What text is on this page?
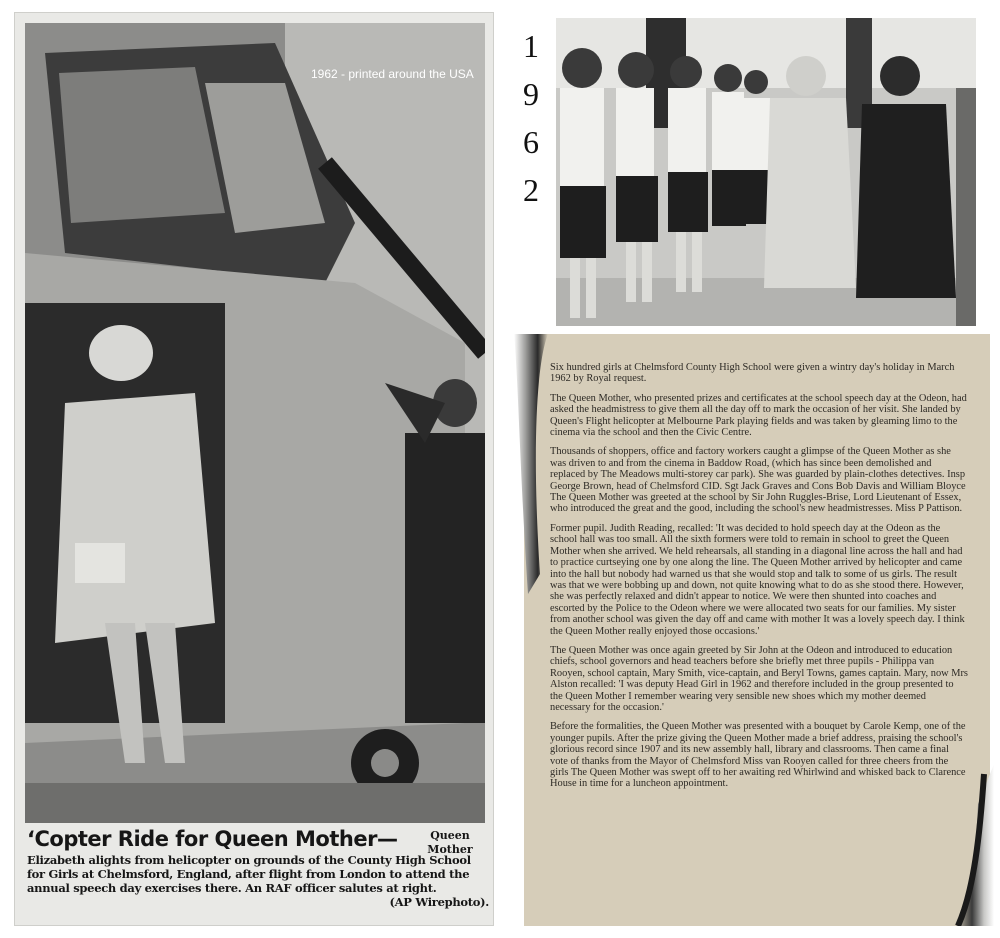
1962 - printed around the USA
‘Copter Ride for Queen Mother—	Queen Mother
Elizabeth alights from helicopter on grounds of the County High School for Girls at Chelmsford, England, after flight from London to attend the annual speech day exercises there. An RAF officer salutes at right.
(AP Wirephoto).
1
9
6
2

Six hundred girls at Chelmsford County High School were given a wintry day's holiday in March 1962 by Royal request.

The Queen Mother, who presented prizes and certificates at the school speech day at the Odeon, had asked the headmistress to give them all the day off to mark the occasion of her visit. She landed by Queen's Flight helicopter at Melbourne Park playing fields and was taken by gleaming limo to the cinema via the school and then the Civic Centre.

Thousands of shoppers, office and factory workers caught a glimpse of the Queen Mother as she was driven to and from the cinema in Baddow Road, (which has since been demolished and replaced by The Meadows multi-storey car park). She was guarded by plain-clothes detectives. Insp George Brown, head of Chelmsford CID. Sgt Jack Graves and Cons Bob Davis and William Bloyce The Queen Mother was greeted at the school by Sir John Ruggles-Brise, Lord Lieutenant of Essex, who introduced the great and the good, including the school's new headmistresses. Miss P Pattison.

Former pupil. Judith Reading, recalled: 'It was decided to hold speech day at the Odeon as the school hall was too small. All the sixth formers were told to remain in school to greet the Queen Mother when she arrived. We held rehearsals, all standing in a diagonal line across the hall and had to practice curtseying one by one along the line. The Queen Mother arrived by helicopter and came into the hall but nobody had warned us that she would stop and talk to some of us girls. The result was that we were bobbing up and down, not quite knowing what to do as she stood there. However, she was perfectly relaxed and didn't appear to notice. We were then shunted into coaches and escorted by the Police to the Odeon where we were allocated two seats for our families. My sister from another school was given the day off and came with mother It was a lovely speech day. I think the Queen Mother really enjoyed those occasions.'

The Queen Mother was once again greeted by Sir John at the Odeon and introduced to education chiefs, school governors and head teachers before she briefly met three pupils - Philippa van Rooyen, school captain, Mary Smith, vice-captain, and Beryl Towns, games captain. Mary, now Mrs Alston recalled: 'I was deputy Head Girl in 1962 and therefore included in the group presented to the Queen Mother I remember wearing very sensible new shoes which my mother deemed necessary for the occasion.'

Before the formalities, the Queen Mother was presented with a bouquet by Carole Kemp, one of the younger pupils. After the prize giving the Queen Mother made a brief address, praising the school's glorious record since 1907 and its new assembly hall, library and classrooms. Then came a final vote of thanks from the Mayor of Chelmsford Miss van Rooyen called for three cheers from the girls The Queen Mother was swept off to her awaiting red Whirlwind and whisked back to Clarence House in time for a luncheon appointment.
